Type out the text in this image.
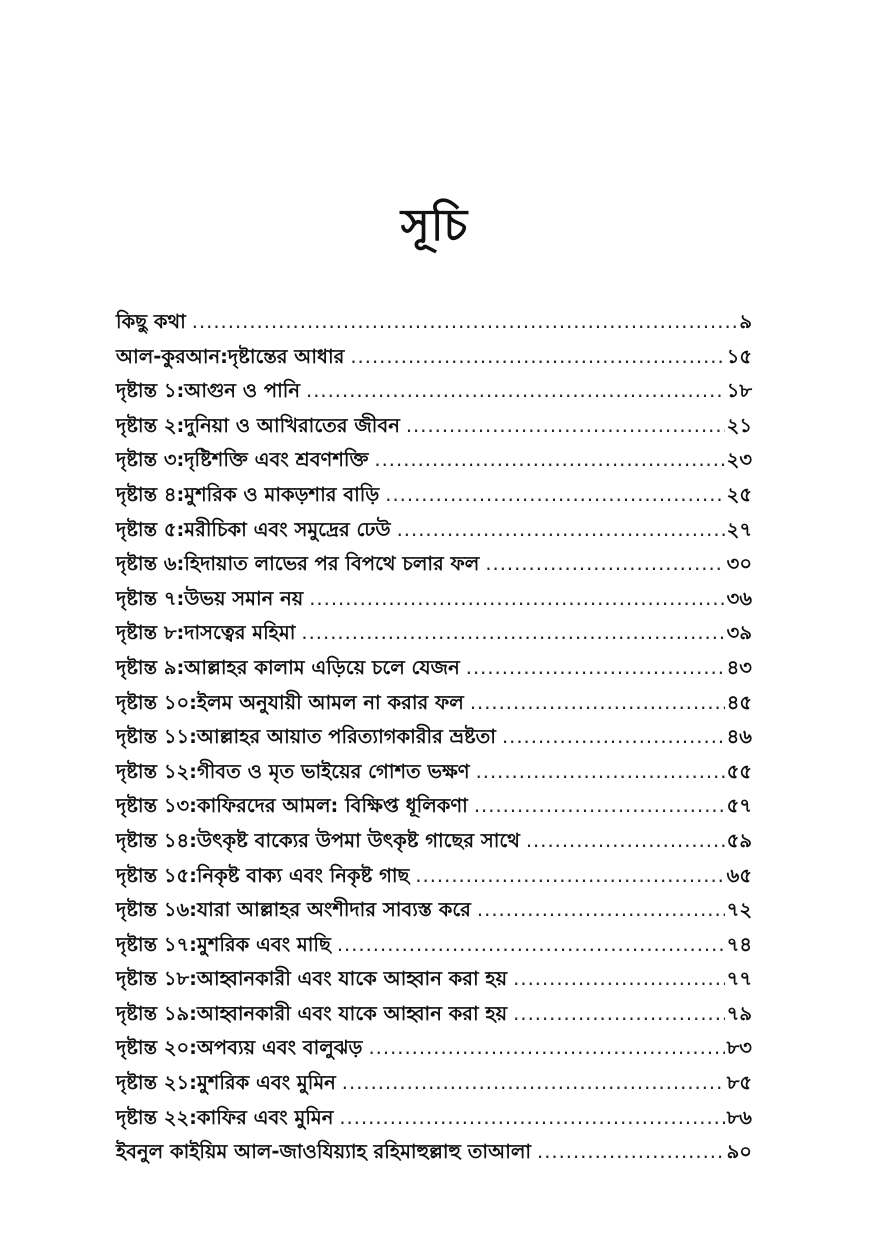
সূচি
কিছু কথা .....	৯
আল-কুরআন:দৃষ্টান্তের আধার .....	১৫
দৃষ্টান্ত ১:আগুন ও পানি .....	১৮
দৃষ্টান্ত ২:দুনিয়া ও আখিরাতের জীবন .....	২১
দৃষ্টান্ত ৩:দৃষ্টিশক্তি এবং শ্রবণশক্তি .....	২৩
দৃষ্টান্ত ৪:মুশরিক ও মাকড়শার বাড়ি .....	২৫
দৃষ্টান্ত ৫:মরীচিকা এবং সমুদ্রের ঢেউ .....	২৭
দৃষ্টান্ত ৬:হিদায়াত লাভের পর বিপথে চলার ফল .....	৩০
দৃষ্টান্ত ৭:উভয় সমান নয় .....	৩৬
দৃষ্টান্ত ৮:দাসত্বের মহিমা .....	৩৯
দৃষ্টান্ত ৯:আল্লাহর কালাম এড়িয়ে চলে যেজন .....	৪৩
দৃষ্টান্ত ১০:ইলম অনুযায়ী আমল না করার ফল .....	৪৫
দৃষ্টান্ত ১১:আল্লাহর আয়াত পরিত্যাগকারীর ভ্রষ্টতা .....	৪৬
দৃষ্টান্ত ১২:গীবত ও মৃত ভাইয়ের গোশত ভক্ষণ .....	৫৫
দৃষ্টান্ত ১৩:কাফিরদের আমল: বিক্ষিপ্ত ধূলিকণা .....	৫৭
দৃষ্টান্ত ১৪:উৎকৃষ্ট বাক্যের উপমা উৎকৃষ্ট গাছের সাথে .....	৫৯
দৃষ্টান্ত ১৫:নিকৃষ্ট বাক্য এবং নিকৃষ্ট গাছ .....	৬৫
দৃষ্টান্ত ১৬:যারা আল্লাহর অংশীদার সাব্যস্ত করে .....	৭২
দৃষ্টান্ত ১৭:মুশরিক এবং মাছি .....	৭৪
দৃষ্টান্ত ১৮:আহ্বানকারী এবং যাকে আহ্বান করা হয় .....	৭৭
দৃষ্টান্ত ১৯:আহ্বানকারী এবং যাকে আহ্বান করা হয় .....	৭৯
দৃষ্টান্ত ২০:অপব্যয় এবং বালুঝড় .....	৮৩
দৃষ্টান্ত ২১:মুশরিক এবং মুমিন .....	৮৫
দৃষ্টান্ত ২২:কাফির এবং মুমিন .....	৮৬
ইবনুল কাইয়িম আল-জাওযিয়্যাহ রহিমাহুল্লাহু তাআলা .....	৯০
